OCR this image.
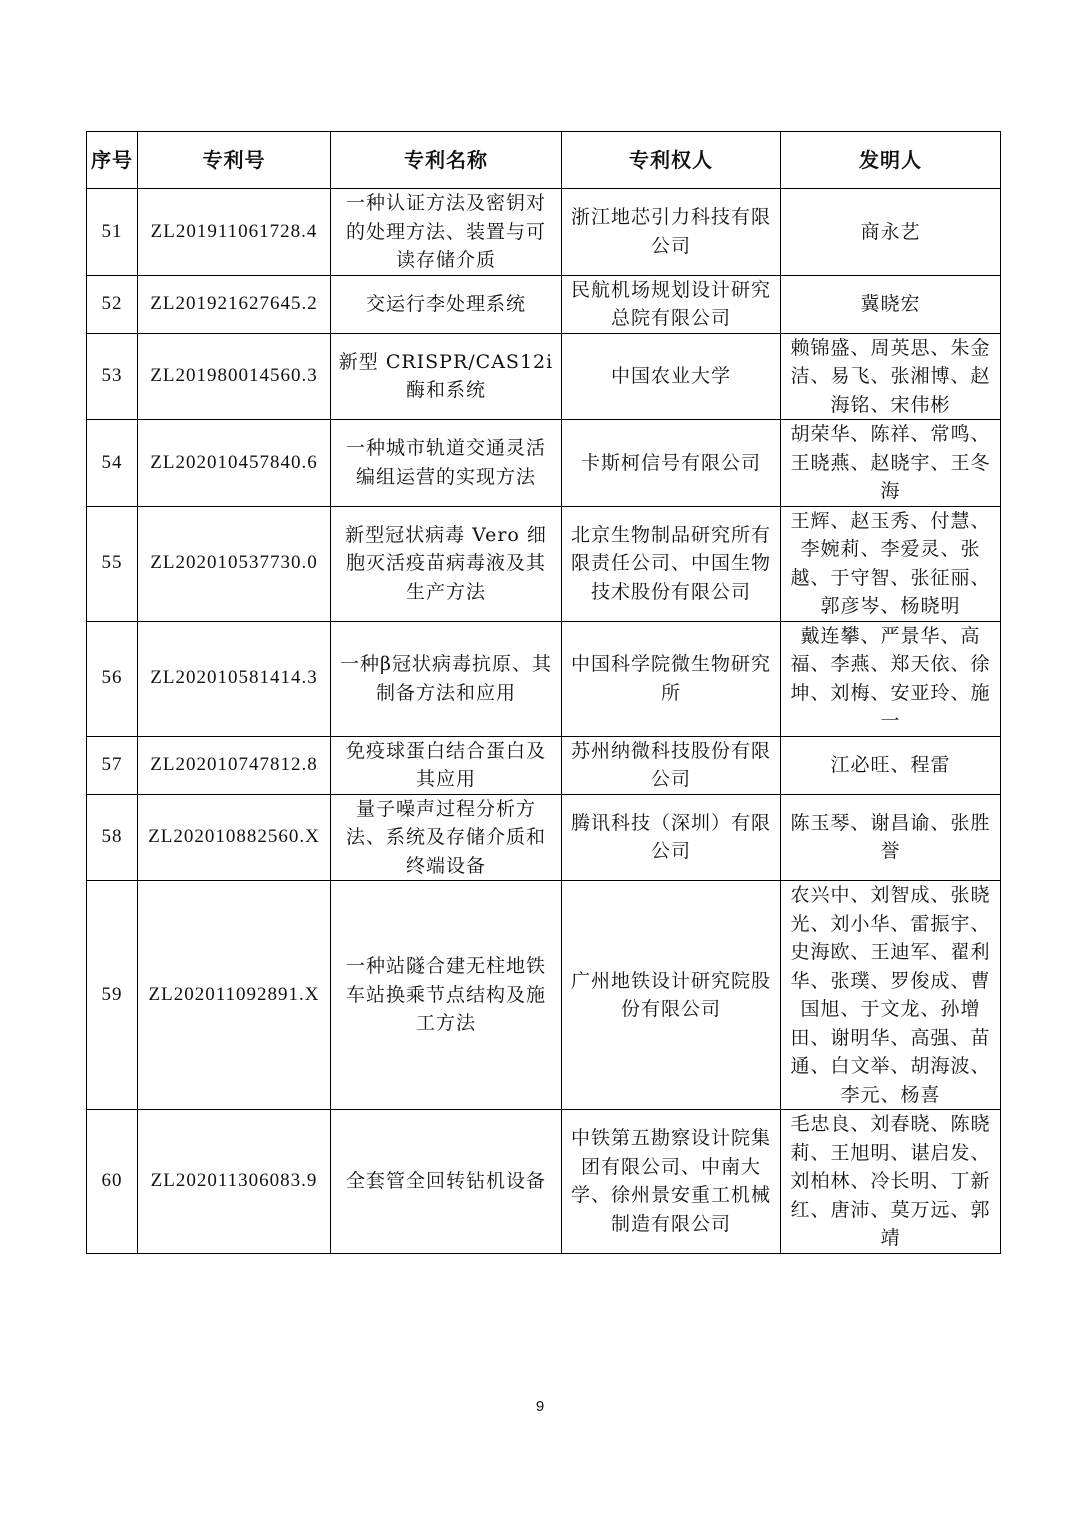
序号	专利号	专利名称	专利权人	发明人
51	ZL201911061728.4	一种认证方法及密钥对的处理方法、装置与可读存储介质	浙江地芯引力科技有限公司	商永艺
52	ZL201921627645.2	交运行李处理系统	民航机场规划设计研究总院有限公司	冀晓宏
53	ZL201980014560.3	新型 CRISPR/CAS12i 酶和系统	中国农业大学	赖锦盛、周英思、朱金洁、易飞、张湘博、赵海铭、宋伟彬
54	ZL202010457840.6	一种城市轨道交通灵活编组运营的实现方法	卡斯柯信号有限公司	胡荣华、陈祥、常鸣、王晓燕、赵晓宇、王冬海
55	ZL202010537730.0	新型冠状病毒 Vero 细胞灭活疫苗病毒液及其生产方法	北京生物制品研究所有限责任公司、中国生物技术股份有限公司	王辉、赵玉秀、付慧、李婉莉、李爱灵、张越、于守智、张征丽、郭彦岑、杨晓明
56	ZL202010581414.3	一种β冠状病毒抗原、其制备方法和应用	中国科学院微生物研究所	戴连攀、严景华、高福、李燕、郑天依、徐坤、刘梅、安亚玲、施一
57	ZL202010747812.8	免疫球蛋白结合蛋白及其应用	苏州纳微科技股份有限公司	江必旺、程雷
58	ZL202010882560.X	量子噪声过程分析方法、系统及存储介质和终端设备	腾讯科技（深圳）有限公司	陈玉琴、谢昌谕、张胜誉
59	ZL202011092891.X	一种站隧合建无柱地铁车站换乘节点结构及施工方法	广州地铁设计研究院股份有限公司	农兴中、刘智成、张晓光、刘小华、雷振宇、史海欧、王迪军、翟利华、张璞、罗俊成、曹国旭、于文龙、孙增田、谢明华、高强、苗通、白文举、胡海波、李元、杨喜
60	ZL202011306083.9	全套管全回转钻机设备	中铁第五勘察设计院集团有限公司、中南大学、徐州景安重工机械制造有限公司	毛忠良、刘春晓、陈晓莉、王旭明、谌启发、刘柏林、冷长明、丁新红、唐沛、莫万远、郭靖
9
